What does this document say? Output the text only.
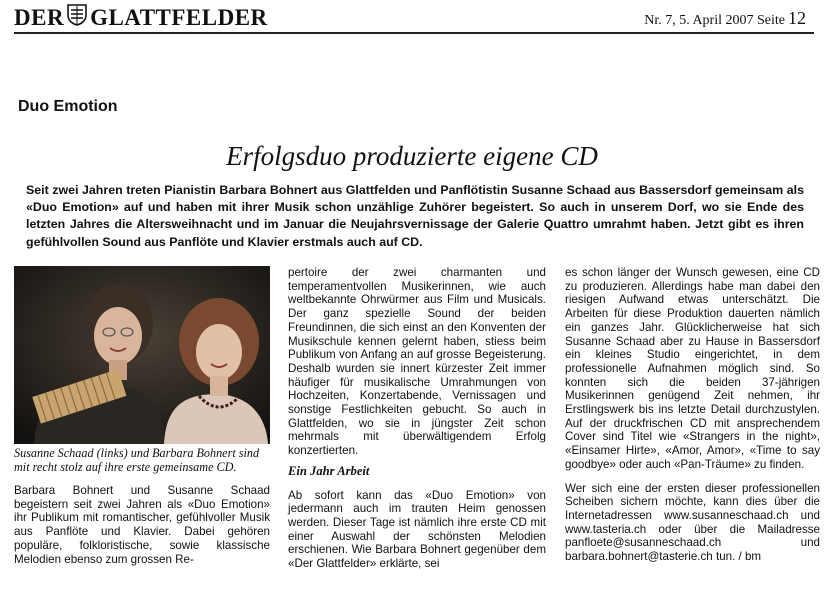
DER GLATTFELDER	Nr. 7, 5. April 2007 Seite 12
Duo Emotion
Erfolgsduo produzierte eigene CD

Seit zwei Jahren treten Pianistin Barbara Bohnert aus Glattfelden und Panflötistin Susanne Schaad aus Bassersdorf gemeinsam als «Duo Emotion» auf und haben mit ihrer Musik schon unzählige Zuhörer begeistert. So auch in unserem Dorf, wo sie Ende des letzten Jahres die Altersweihnacht und im Januar die Neujahrsvernissage der Galerie Quattro umrahmt haben. Jetzt gibt es ihren gefühlvollen Sound aus Panflöte und Klavier erstmals auch auf CD.

Susanne Schaad (links) und Barbara Bohnert sind mit recht stolz auf ihre erste gemeinsame CD.

Barbara Bohnert und Susanne Schaad begeistern seit zwei Jahren als «Duo Emotion» ihr Publikum mit romantischer, gefühlvoller Musik aus Panflöte und Klavier. Dabei gehören populäre, folkloristische, sowie klassische Melodien ebenso zum grossen Re-

pertoire der zwei charmanten und temperamentvollen Musikerinnen, wie auch weltbekannte Ohrwürmer aus Film und Musicals. Der ganz spezielle Sound der beiden Freundinnen, die sich einst an den Konventen der Musikschule kennen gelernt haben, stiess beim Publikum von Anfang an auf grosse Begeisterung. Deshalb wurden sie innert kürzester Zeit immer häufiger für musikalische Umrahmungen von Hochzeiten, Konzertabende, Vernissagen und sonstige Festlichkeiten gebucht. So auch in Glattfelden, wo sie in jüngster Zeit schon mehrmals mit überwältigendem Erfolg konzertierten.

Ein Jahr Arbeit

Ab sofort kann das «Duo Emotion» von jedermann auch im trauten Heim genossen werden. Dieser Tage ist nämlich ihre erste CD mit einer Auswahl der schönsten Melodien erschienen. Wie Barbara Bohnert gegenüber dem «Der Glattfelder» erklärte, sei

es schon länger der Wunsch gewesen, eine CD zu produzieren. Allerdings habe man dabei den riesigen Aufwand etwas unterschätzt. Die Arbeiten für diese Produktion dauerten nämlich ein ganzes Jahr. Glücklicherweise hat sich Susanne Schaad aber zu Hause in Bassersdorf ein kleines Studio eingerichtet, in dem professionelle Aufnahmen möglich sind. So konnten sich die beiden 37-jährigen Musikerinnen genügend Zeit nehmen, ihr Erstlingswerk bis ins letzte Detail durchzustylen. Auf der druckfrischen CD mit ansprechendem Cover sind Titel wie «Strangers in the night», «Einsamer Hirte», «Amor, Amor», «Time to say goodbye» oder auch «Pan-Träume» zu finden.

Wer sich eine der ersten dieser professionellen Scheiben sichern möchte, kann dies über die Internetadressen www.susanneschaad.ch und www.tasteria.ch oder über die Mailadresse panfloete@susanneschaad.ch und barbara.bohnert@tasterie.ch tun. / bm
